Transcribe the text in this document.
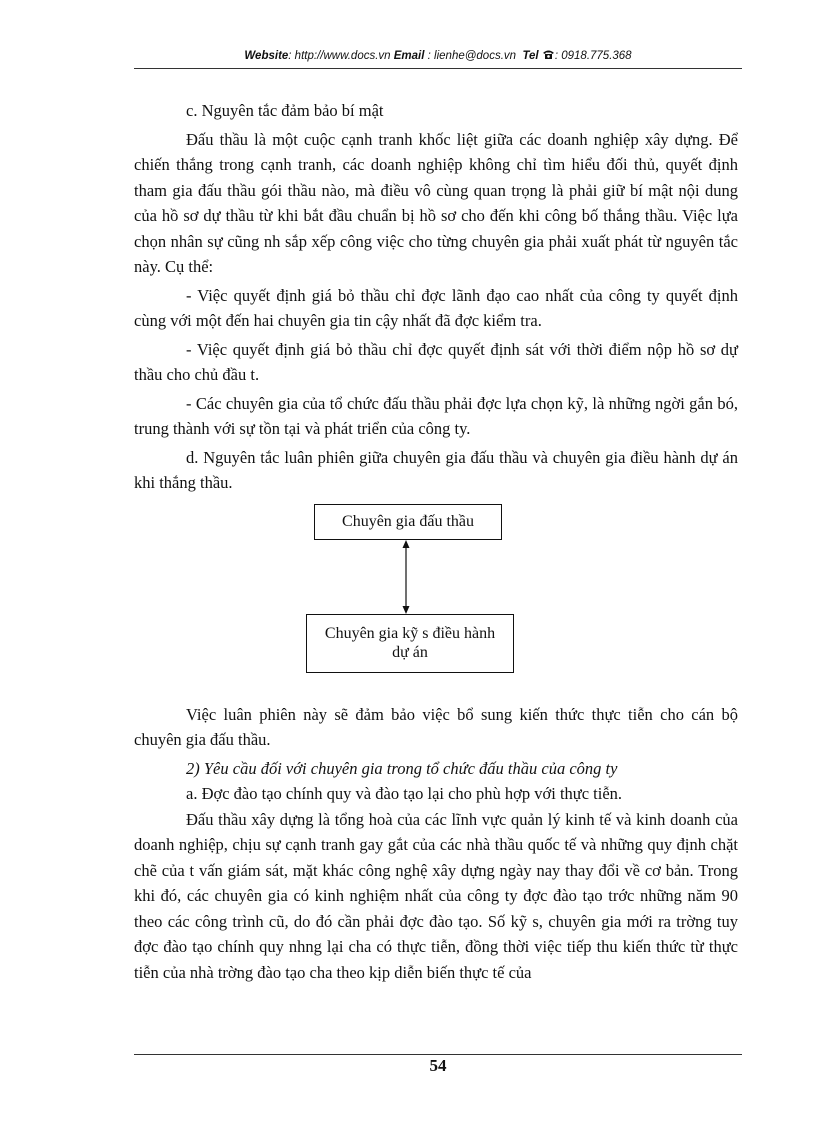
Website: http://www.docs.vn Email : lienhe@docs.vn Tel : 0918.775.368

c. Nguyên tắc đảm bảo bí mật

Đấu thầu là một cuộc cạnh tranh khốc liệt giữa các doanh nghiệp xây dựng. Để chiến thắng trong cạnh tranh, các doanh nghiệp không chỉ tìm hiểu đối thủ, quyết định tham gia đấu thầu gói thầu nào, mà điều vô cùng quan trọng là phải giữ bí mật nội dung của hồ sơ dự thầu từ khi bắt đầu chuẩn bị hồ sơ cho đến khi công bố thắng thầu. Việc lựa chọn nhân sự cũng nh sắp xếp công việc cho từng chuyên gia phải xuất phát từ nguyên tắc này. Cụ thể:

- Việc quyết định giá bỏ thầu chỉ đợc lãnh đạo cao nhất của công ty quyết định cùng với một đến hai chuyên gia tin cậy nhất đã đợc kiểm tra.

- Việc quyết định giá bỏ thầu chỉ đợc quyết định sát với thời điểm nộp hồ sơ dự thầu cho chủ đầu t.

- Các chuyên gia của tổ chức đấu thầu phải đợc lựa chọn kỹ, là những ngời gắn bó, trung thành với sự tồn tại và phát triển của công ty.

d. Nguyên tắc luân phiên giữa chuyên gia đấu thầu và chuyên gia điều hành dự án khi thắng thầu.

Chuyên gia đấu thầu
Chuyên gia kỹ s điều hành dự án

Việc luân phiên này sẽ đảm bảo việc bổ sung kiến thức thực tiễn cho cán bộ chuyên gia đấu thầu.

2) Yêu cầu đối với chuyên gia trong tổ chức đấu thầu của công ty

a. Đợc đào tạo chính quy và đào tạo lại cho phù hợp với thực tiễn.

Đấu thầu xây dựng là tổng hoà của các lĩnh vực quản lý kinh tế và kinh doanh của doanh nghiệp, chịu sự cạnh tranh gay gắt của các nhà thầu quốc tế và những quy định chặt chẽ của t vấn giám sát, mặt khác công nghệ xây dựng ngày nay thay đổi về cơ bản. Trong khi đó, các chuyên gia có kinh nghiệm nhất của công ty đợc đào tạo trớc những năm 90 theo các công trình cũ, do đó cần phải đợc đào tạo. Số kỹ s, chuyên gia mới ra trờng tuy đợc đào tạo chính quy nhng lại cha có thực tiễn, đồng thời việc tiếp thu kiến thức từ thực tiễn của nhà trờng đào tạo cha theo kịp diễn biến thực tế của

54
